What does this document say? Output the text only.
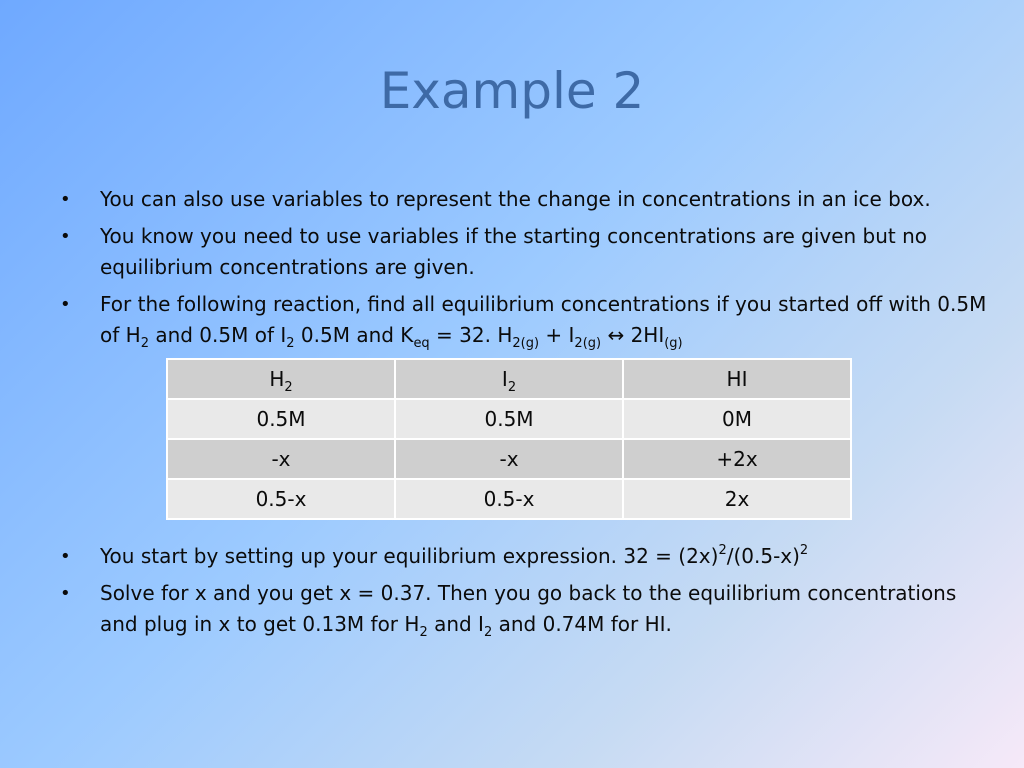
Example 2
•	You can also use variables to represent the change in concentrations in an ice box.
•	You know you need to use variables if the starting concentrations are given but no equilibrium concentrations are given.
•	For the following reaction, find all equilibrium concentrations if you started off with 0.5M of $H_2$ and 0.5M of $I_2$ 0.5M and $K_{eq} = 32$. $H_{2(g)} + I_{2(g)}$ ↔ $2HI_{(g)}$
$H_2$	$I_2$	HI
0.5M	0.5M	0M
-x	-x	+2x
0.5-x	0.5-x	2x
•	You start by setting up your equilibrium expression. $32 = (2x)^2/(0.5-x)^2$
•	Solve for x and you get x = 0.37. Then you go back to the equilibrium concentrations and plug in x to get 0.13M for $H_2$ and $I_2$ and 0.74M for HI.
